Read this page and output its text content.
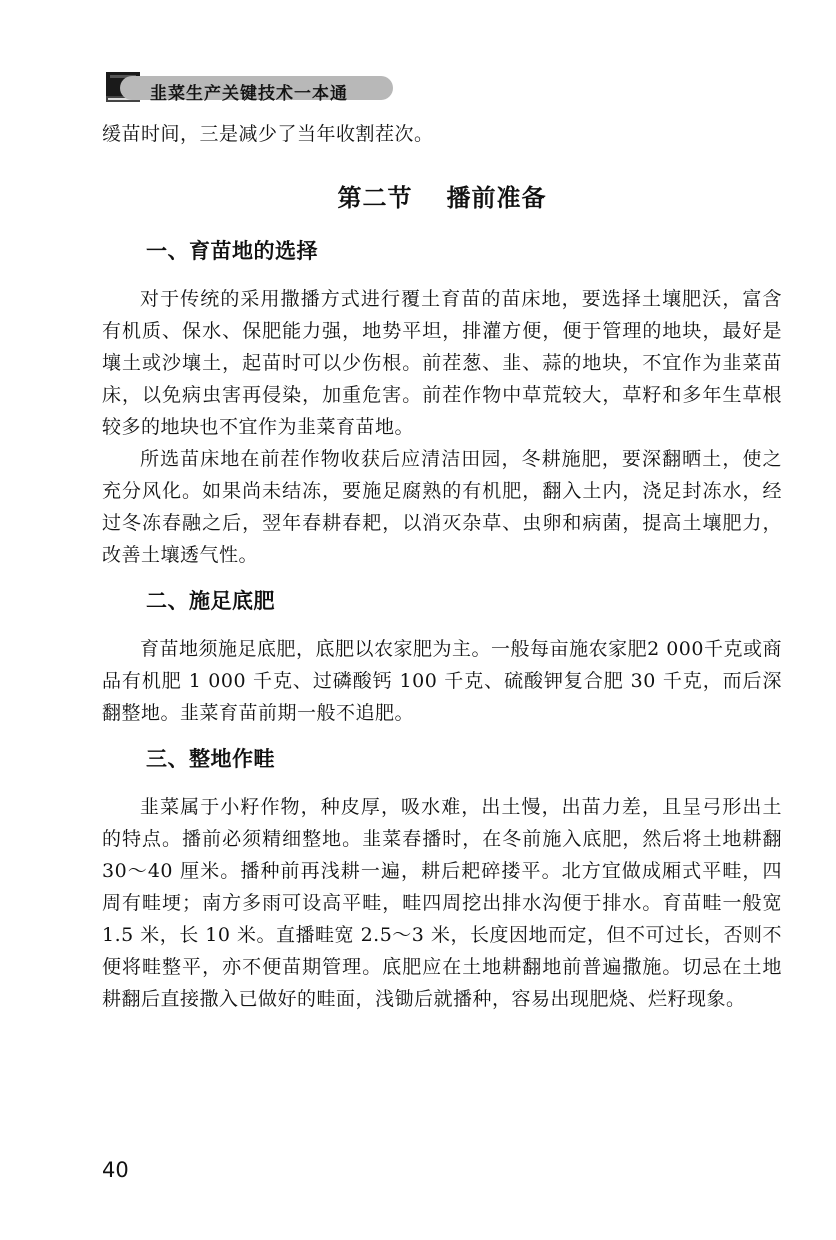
韭菜生产关键技术一本通

缓苗时间，三是减少了当年收割茬次。

第二节 播前准备
一、育苗地的选择

对于传统的采用撒播方式进行覆土育苗的苗床地，要选择土壤肥沃，富含有机质、保水、保肥能力强，地势平坦，排灌方便，便于管理的地块，最好是壤土或沙壤土，起苗时可以少伤根。前茬葱、韭、蒜的地块，不宜作为韭菜苗床，以免病虫害再侵染，加重危害。前茬作物中草荒较大，草籽和多年生草根较多的地块也不宜作为韭菜育苗地。

所选苗床地在前茬作物收获后应清洁田园，冬耕施肥，要深翻晒土，使之充分风化。如果尚未结冻，要施足腐熟的有机肥，翻入土内，浇足封冻水，经过冬冻春融之后，翌年春耕春耙，以消灭杂草、虫卵和病菌，提高土壤肥力，改善土壤透气性。

二、施足底肥

育苗地须施足底肥，底肥以农家肥为主。一般每亩施农家肥2 000千克或商品有机肥 1 000 千克、过磷酸钙 100 千克、硫酸钾复合肥 30 千克，而后深翻整地。韭菜育苗前期一般不追肥。

三、整地作畦

韭菜属于小籽作物，种皮厚，吸水难，出土慢，出苗力差，且呈弓形出土的特点。播前必须精细整地。韭菜春播时，在冬前施入底肥，然后将土地耕翻 30～40 厘米。播种前再浅耕一遍，耕后耙碎搂平。北方宜做成厢式平畦，四周有畦埂；南方多雨可设高平畦，畦四周挖出排水沟便于排水。育苗畦一般宽 1.5 米，长 10 米。直播畦宽 2.5～3 米，长度因地而定，但不可过长，否则不便将畦整平，亦不便苗期管理。底肥应在土地耕翻地前普遍撒施。切忌在土地耕翻后直接撒入已做好的畦面，浅锄后就播种，容易出现肥烧、烂籽现象。

40
